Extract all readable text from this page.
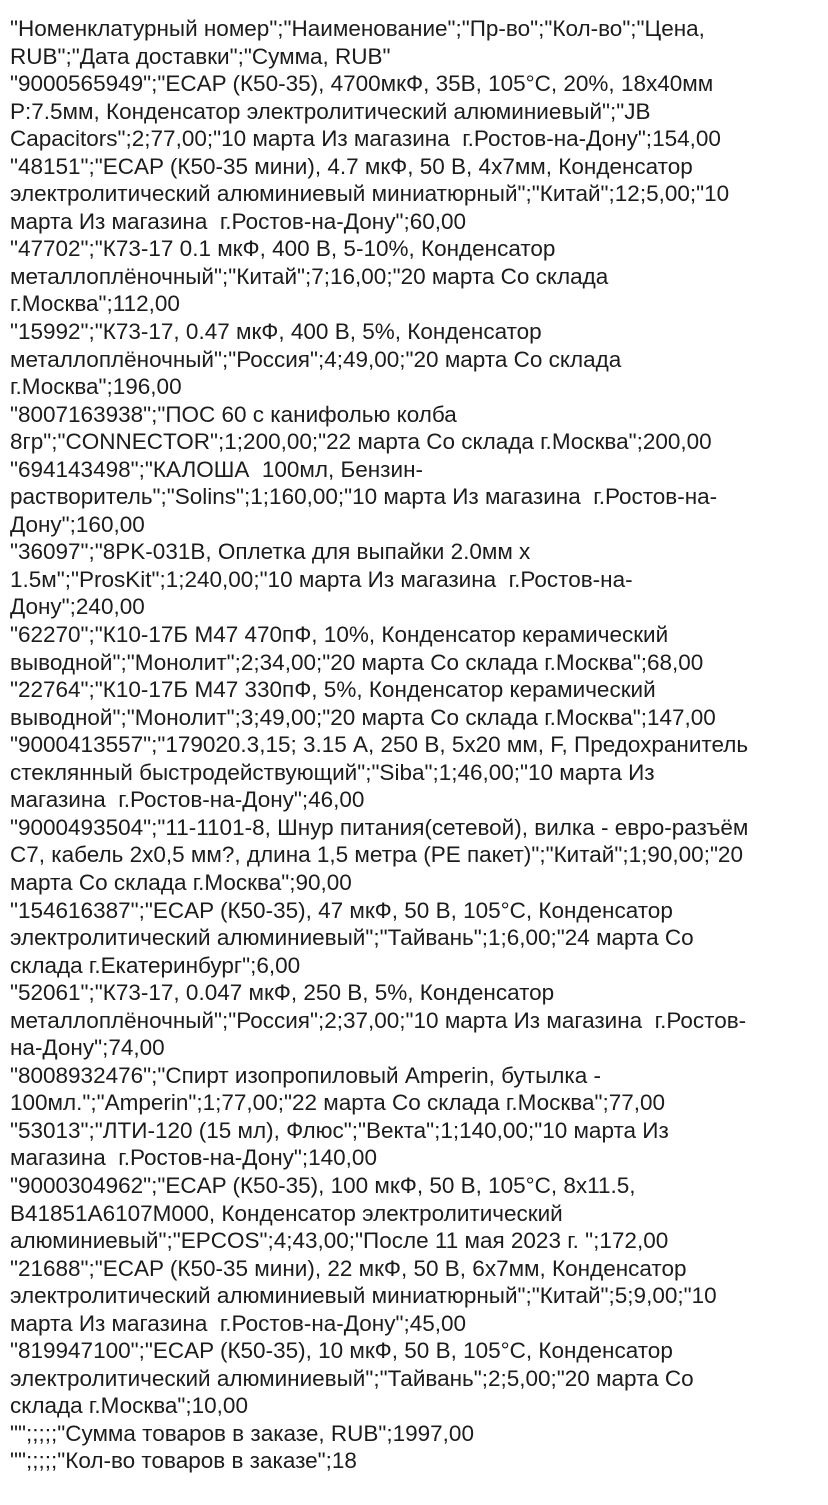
"Номенклатурный номер";"Наименование";"Пр-во";"Кол-во";"Цена,
RUB";"Дата доставки";"Сумма, RUB"
"9000565949";"ECAP (К50-35), 4700мкФ, 35В, 105°C, 20%, 18x40мм
P:7.5мм, Конденсатор электролитический алюминиевый";"JB
Capacitors";2;77,00;"10 марта Из магазина  г.Ростов-на-Дону";154,00
"48151";"ECAP (К50-35 мини), 4.7 мкФ, 50 В, 4x7мм, Конденсатор
электролитический алюминиевый миниатюрный";"Китай";12;5,00;"10
марта Из магазина  г.Ростов-на-Дону";60,00
"47702";"К73-17 0.1 мкФ, 400 В, 5-10%, Конденсатор
металлоплёночный";"Китай";7;16,00;"20 марта Со склада
г.Москва";112,00
"15992";"К73-17, 0.47 мкФ, 400 В, 5%, Конденсатор
металлоплёночный";"Россия";4;49,00;"20 марта Со склада
г.Москва";196,00
"8007163938";"ПОС 60 с канифолью колба
8гр";"CONNECTOR";1;200,00;"22 марта Со склада г.Москва";200,00
"694143498";"КАЛОША  100мл, Бензин-
растворитель";"Solins";1;160,00;"10 марта Из магазина  г.Ростов-на-
Дону";160,00
"36097";"8PK-031B, Оплетка для выпайки 2.0мм x
1.5м";"ProsKit";1;240,00;"10 марта Из магазина  г.Ростов-на-
Дону";240,00
"62270";"К10-17Б М47 470пФ, 10%, Конденсатор керамический
выводной";"Монолит";2;34,00;"20 марта Со склада г.Москва";68,00
"22764";"К10-17Б М47 330пФ, 5%, Конденсатор керамический
выводной";"Монолит";3;49,00;"20 марта Со склада г.Москва";147,00
"9000413557";"179020.3,15; 3.15 А, 250 В, 5x20 мм, F, Предохранитель
стеклянный быстродействующий";"Siba";1;46,00;"10 марта Из
магазина  г.Ростов-на-Дону";46,00
"9000493504";"11-1101-8, Шнур питания(сетевой), вилка - евро-разъём
С7, кабель 2х0,5 мм?, длина 1,5 метра (PE пакет)";"Китай";1;90,00;"20
марта Со склада г.Москва";90,00
"154616387";"ECAP (К50-35), 47 мкФ, 50 В, 105°C, Конденсатор
электролитический алюминиевый";"Тайвань";1;6,00;"24 марта Со
склада г.Екатеринбург";6,00
"52061";"К73-17, 0.047 мкФ, 250 В, 5%, Конденсатор
металлоплёночный";"Россия";2;37,00;"10 марта Из магазина  г.Ростов-
на-Дону";74,00
"8008932476";"Спирт изопропиловый Amperin, бутылка -
100мл.";"Amperin";1;77,00;"22 марта Со склада г.Москва";77,00
"53013";"ЛТИ-120 (15 мл), Флюс";"Векта";1;140,00;"10 марта Из
магазина  г.Ростов-на-Дону";140,00
"9000304962";"ECAP (К50-35), 100 мкФ, 50 В, 105°C, 8x11.5,
B41851A6107M000, Конденсатор электролитический
алюминиевый";"EPCOS";4;43,00;"После 11 мая 2023 г. ";172,00
"21688";"ECAP (К50-35 мини), 22 мкФ, 50 В, 6x7мм, Конденсатор
электролитический алюминиевый миниатюрный";"Китай";5;9,00;"10
марта Из магазина  г.Ростов-на-Дону";45,00
"819947100";"ECAP (К50-35), 10 мкФ, 50 В, 105°C, Конденсатор
электролитический алюминиевый";"Тайвань";2;5,00;"20 марта Со
склада г.Москва";10,00
"";;;;;"Сумма товаров в заказе, RUB";1997,00
"";;;;;"Кол-во товаров в заказе";18
